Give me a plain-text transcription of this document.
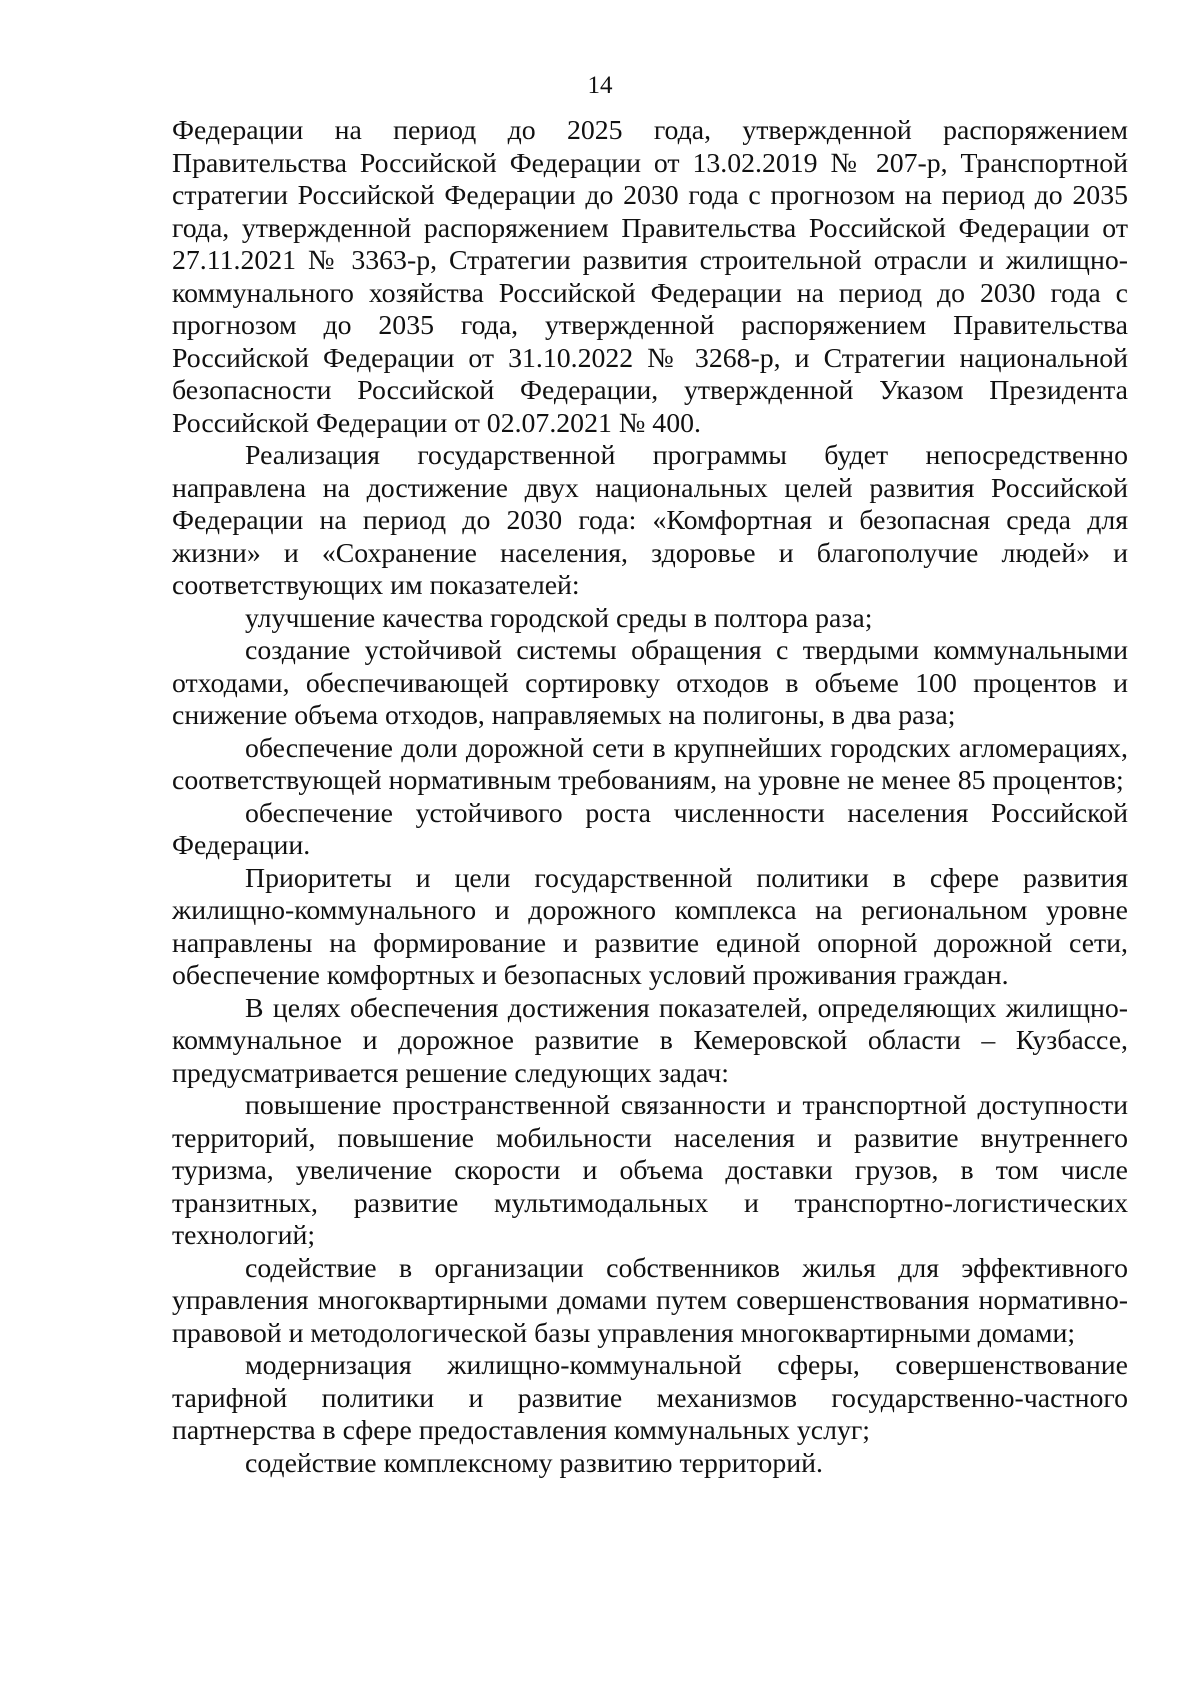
14

Федерации на период до 2025 года, утвержденной распоряжением Правительства Российской Федерации от 13.02.2019 № 207-р, Транспортной стратегии Российской Федерации до 2030 года с прогнозом на период до 2035 года, утвержденной распоряжением Правительства Российской Федерации от 27.11.2021 № 3363-р, Стратегии развития строительной отрасли и жилищно-коммунального хозяйства Российской Федерации на период до 2030 года с прогнозом до 2035 года, утвержденной распоряжением Правительства Российской Федерации от 31.10.2022 № 3268-р, и Стратегии национальной безопасности Российской Федерации, утвержденной Указом Президента Российской Федерации от 02.07.2021 № 400.

Реализация государственной программы будет непосредственно направлена на достижение двух национальных целей развития Российской Федерации на период до 2030 года: «Комфортная и безопасная среда для жизни» и «Сохранение населения, здоровье и благополучие людей» и соответствующих им показателей:

улучшение качества городской среды в полтора раза;

создание устойчивой системы обращения с твердыми коммунальными отходами, обеспечивающей сортировку отходов в объеме 100 процентов и снижение объема отходов, направляемых на полигоны, в два раза;

обеспечение доли дорожной сети в крупнейших городских агломерациях, соответствующей нормативным требованиям, на уровне не менее 85 процентов;

обеспечение устойчивого роста численности населения Российской Федерации.

Приоритеты и цели государственной политики в сфере развития жилищно-коммунального и дорожного комплекса на региональном уровне направлены на формирование и развитие единой опорной дорожной сети, обеспечение комфортных и безопасных условий проживания граждан.

В целях обеспечения достижения показателей, определяющих жилищно-коммунальное и дорожное развитие в Кемеровской области – Кузбассе, предусматривается решение следующих задач:

повышение пространственной связанности и транспортной доступности территорий, повышение мобильности населения и развитие внутреннего туризма, увеличение скорости и объема доставки грузов, в том числе транзитных, развитие мультимодальных и транспортно-логистических технологий;

содействие в организации собственников жилья для эффективного управления многоквартирными домами путем совершенствования нормативно-правовой и методологической базы управления многоквартирными домами;

модернизация жилищно-коммунальной сферы, совершенствование тарифной политики и развитие механизмов государственно-частного партнерства в сфере предоставления коммунальных услуг;

содействие комплексному развитию территорий.
